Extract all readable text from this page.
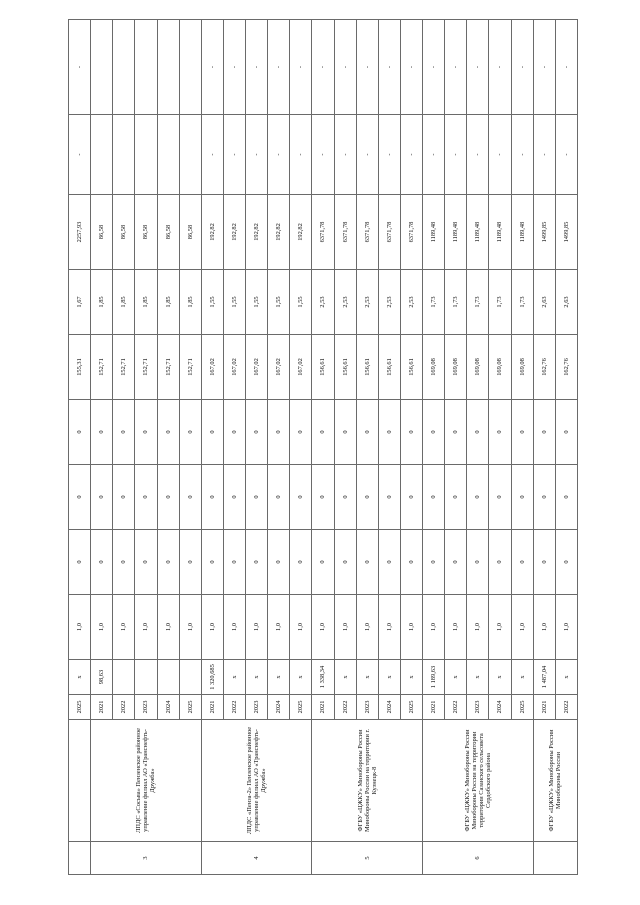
		2025	x	1,0	0	0	0	155,31	1,67	2257,93	-	-
3	ЛПДС «Сосьва» Пензенское районное управление филиал АО «Транснефть-Дружба»	2021	98,63	1,0	0	0	0	152,71	1,85	86,58		
		2022		1,0	0	0	0	152,71	1,85	86,58		
		2023		1,0	0	0	0	152,71	1,85	86,58		
		2024		1,0	0	0	0	152,71	1,85	86,58		
		2025		1,0	0	0	0	152,71	1,85	86,58		
4	ЛПДС «Пенза-2» Пензенское районное управление филиал АО «Транснефть-Дружба»	2021	1 320,685	1,0	0	0	0	167,02	1,55	192,82	-	-
		2022	x	1,0	0	0	0	167,02	1,55	192,82	-	-
		2023	x	1,0	0	0	0	167,02	1,55	192,82	-	-
		2024	x	1,0	0	0	0	167,02	1,55	192,82	-	-
		2025	x	1,0	0	0	0	167,02	1,55	192,82	-	-
5	ФГБУ «ЦЖКУ» Минобороны России Минобороны России на территории г. Кузнецк-8	2021	1 338,34	1,0	0	0	0	156,61	2,53	6371,78	-	-
		2022	x	1,0	0	0	0	156,61	2,53	6371,78	-	-
		2023	x	1,0	0	0	0	156,61	2,53	6371,78	-	-
		2024	x	1,0	0	0	0	156,61	2,53	6371,78	-	-
		2025	x	1,0	0	0	0	156,61	2,53	6371,78	-	-
6	ФГБУ «ЦЖКУ» Минобороны России Минобороны России на территории территории Сазанского сельсовета Сердобского района	2021	1 189,63	1,0	0	0	0	169,08	1,73	1189,48	-	-
		2022	x	1,0	0	0	0	169,08	1,73	1189,48	-	-
		2023	x	1,0	0	0	0	169,08	1,73	1189,48	-	-
		2024	x	1,0	0	0	0	169,08	1,73	1189,48	-	-
		2025	x	1,0	0	0	0	169,08	1,73	1189,48	-	-
	ФГБУ «ЦЖКУ» Минобороны России Минобороны России	2021	1 487,04	1,0	0	0	0	162,76	2,63	1499,85	-	-
		2022	x	1,0	0	0	0	162,76	2,63	1499,85	-	-
